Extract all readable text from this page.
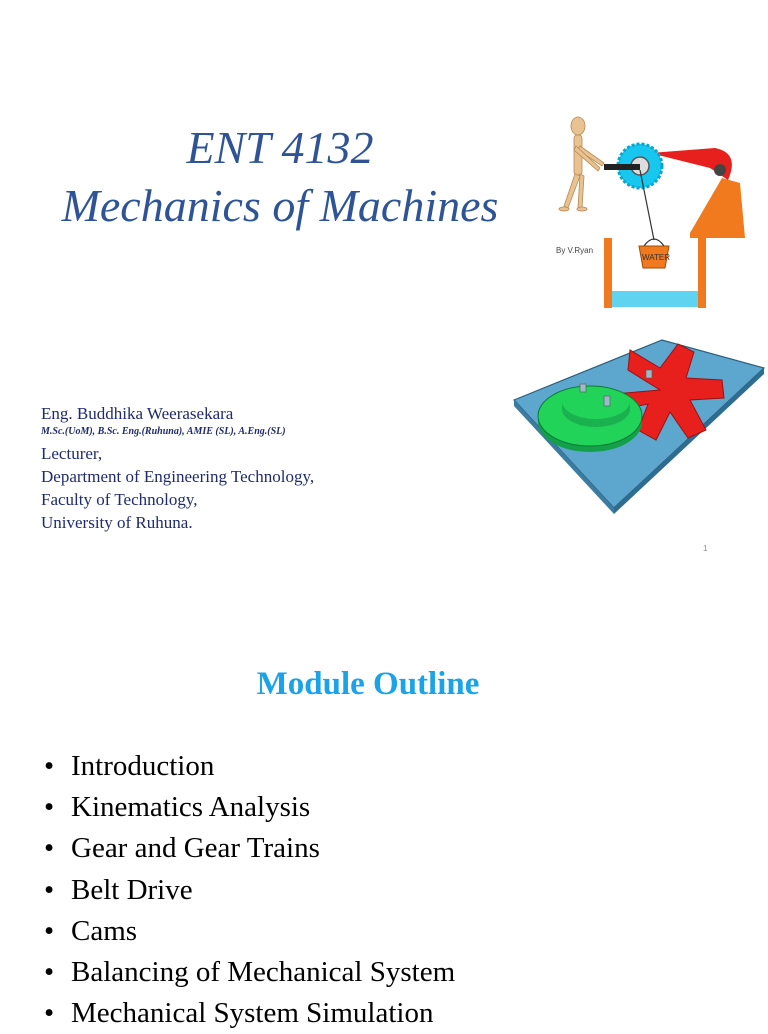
ENT 4132
Mechanics of Machines
WATER
By V.Ryan
Eng. Buddhika Weerasekara
M.Sc.(UoM), B.Sc. Eng.(Ruhuna), AMIE (SL), A.Eng.(SL)
Lecturer,
Department of Engineering Technology,
Faculty of Technology,
University of Ruhuna.
1
Module Outline
• Introduction
• Kinematics Analysis
• Gear and Gear Trains
• Belt Drive
• Cams
• Balancing of Mechanical System
• Mechanical System Simulation
